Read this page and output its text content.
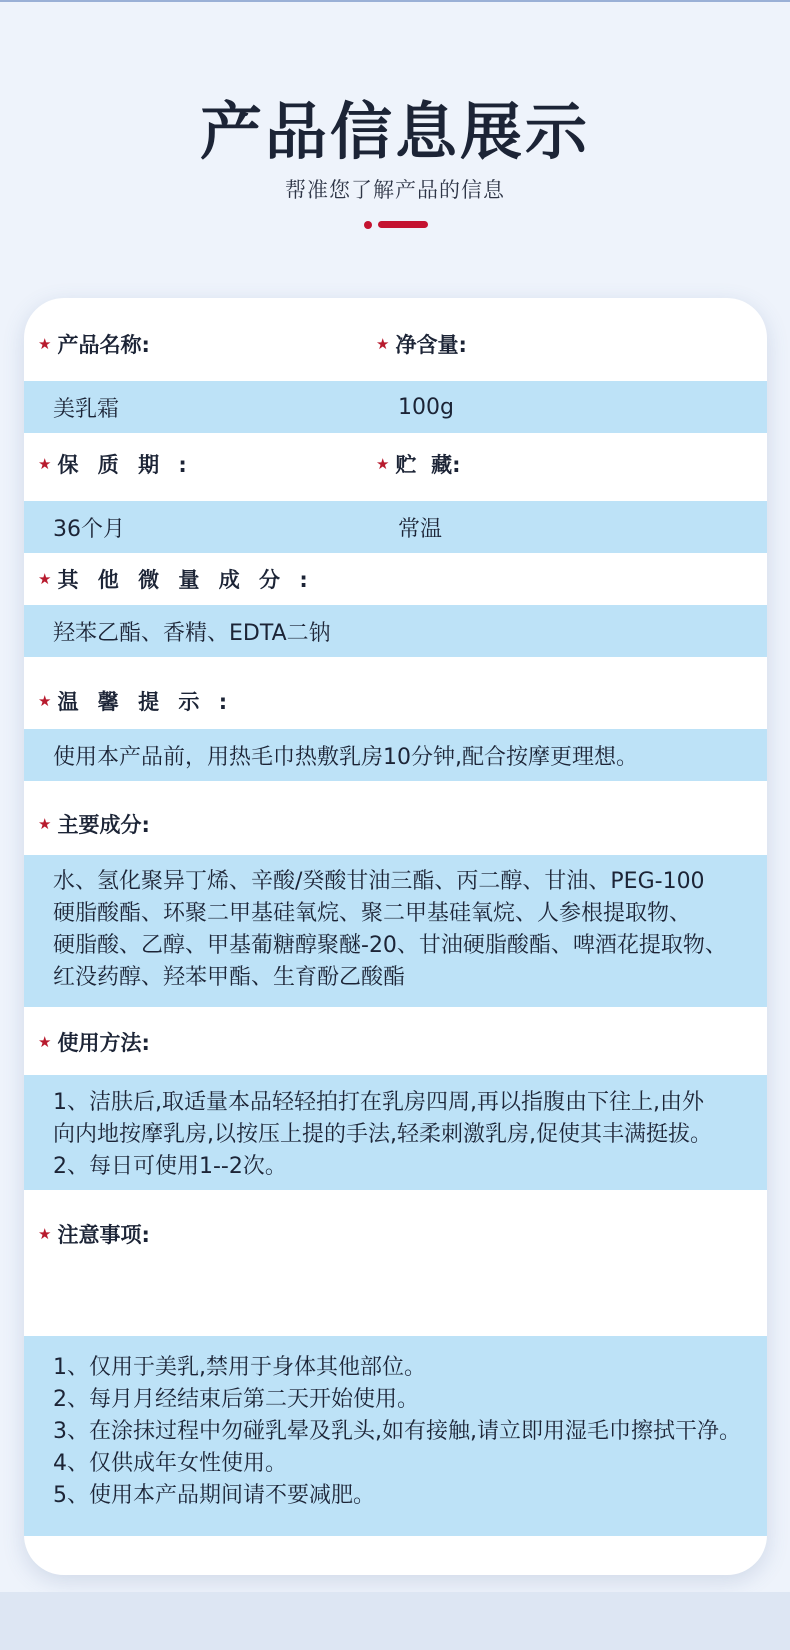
产品信息展示
帮准您了解产品的信息
★ 产品名称:	★ 净含量:
美乳霜	100g
★ 保 质 期 :	★ 贮  藏:
36个月	常温
★ 其 他 微 量 成 分 :
羟苯乙酯、香精、EDTA二钠
★ 温 馨 提 示 :
使用本产品前，用热毛巾热敷乳房10分钟,配合按摩更理想。
★ 主要成分:
水、氢化聚异丁烯、辛酸/癸酸甘油三酯、丙二醇、甘油、PEG-100
硬脂酸酯、环聚二甲基硅氧烷、聚二甲基硅氧烷、人参根提取物、
硬脂酸、乙醇、甲基葡糖醇聚醚-20、甘油硬脂酸酯、啤酒花提取物、
红没药醇、羟苯甲酯、生育酚乙酸酯
★ 使用方法:
1、洁肤后,取适量本品轻轻拍打在乳房四周,再以指腹由下往上,由外
向内地按摩乳房,以按压上提的手法,轻柔刺激乳房,促使其丰满挺拔。
2、每日可使用1--2次。
★ 注意事项:
1、仅用于美乳,禁用于身体其他部位。
2、每月月经结束后第二天开始使用。
3、在涂抹过程中勿碰乳晕及乳头,如有接触,请立即用湿毛巾擦拭干净。
4、仅供成年女性使用。
5、使用本产品期间请不要减肥。
